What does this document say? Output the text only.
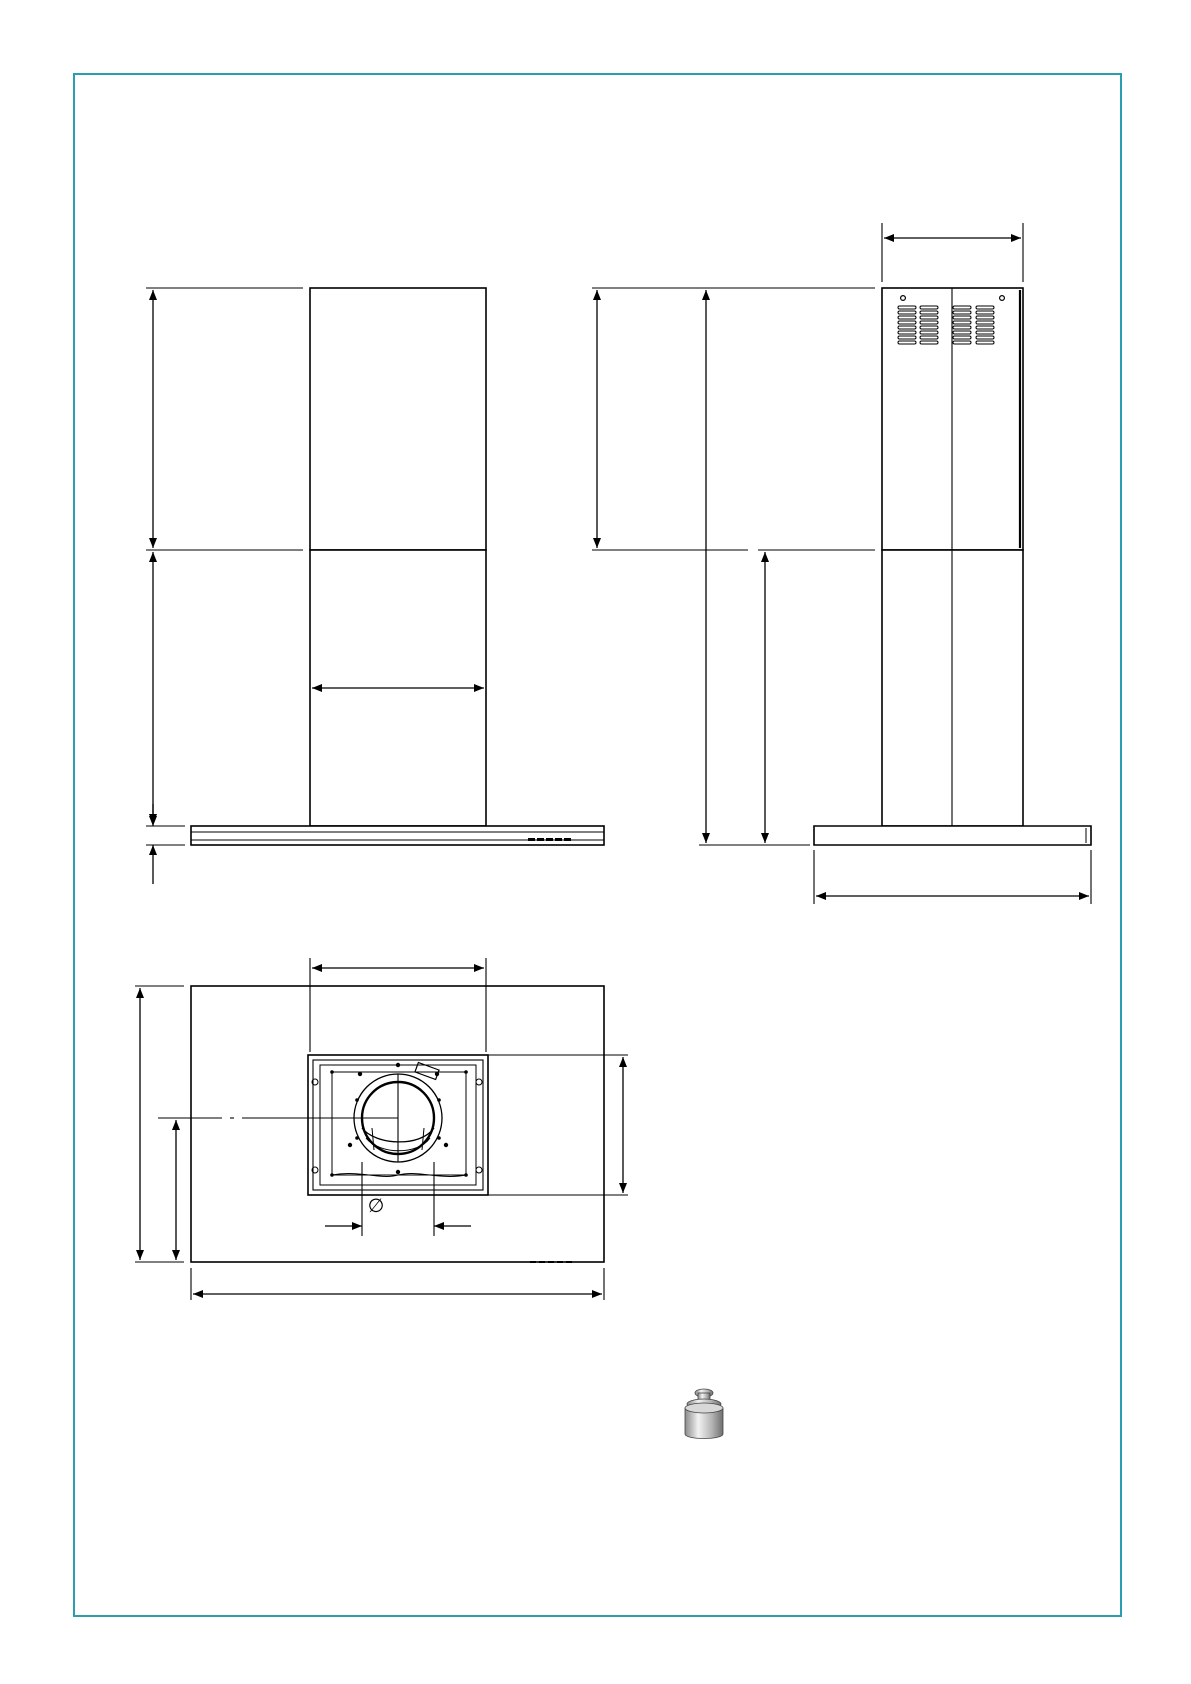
∅
